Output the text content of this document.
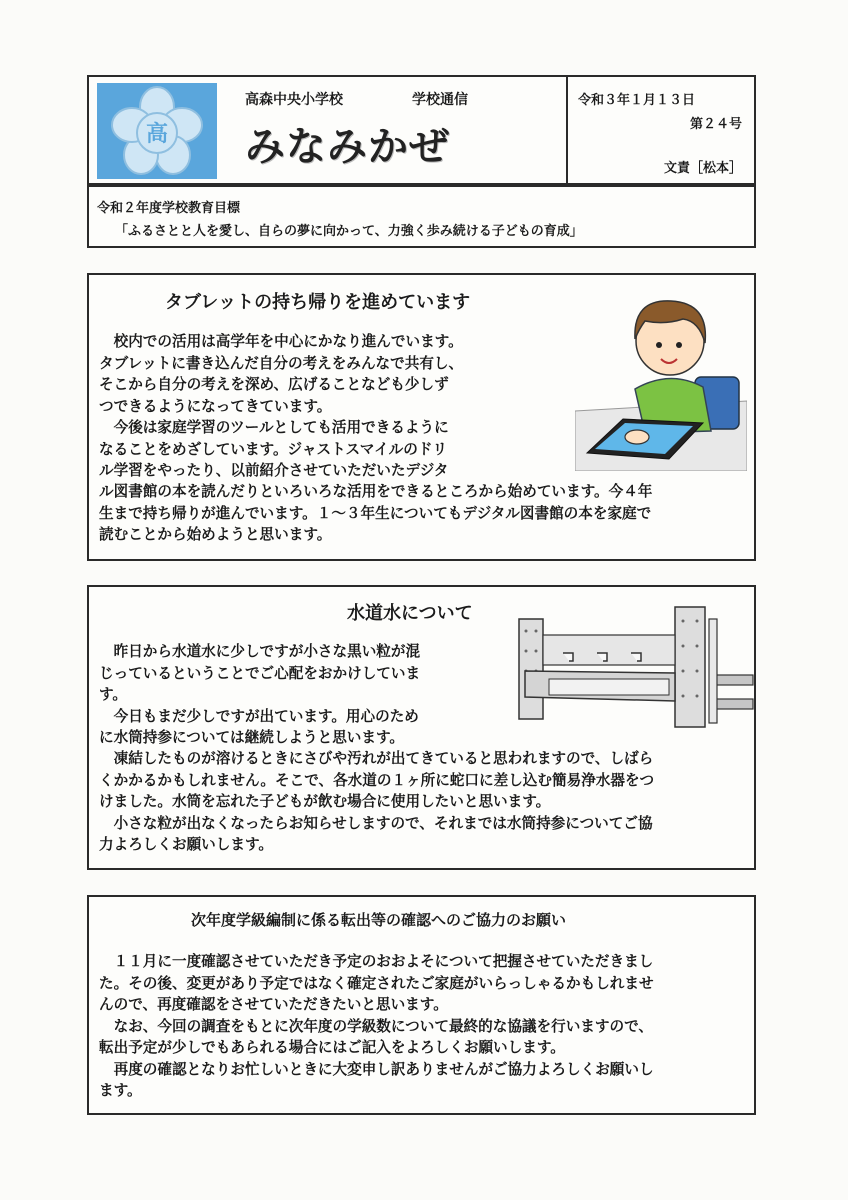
高
高森中央小学校	学校通信
みなみかぜ
令和３年１月１３日
第２４号
文責［松本］
令和２年度学校教育目標
「ふるさとと人を愛し、自らの夢に向かって、力強く歩み続ける子どもの育成」
タブレットの持ち帰りを進めています

校内での活用は高学年を中心にかなり進んでいます。

タブレットに書き込んだ自分の考えをみんなで共有し、

そこから自分の考えを深め、広げることなども少しず

つできるようになってきています。

今後は家庭学習のツールとしても活用できるように

なることをめざしています。ジャストスマイルのドリ

ル学習をやったり、以前紹介させていただいたデジタ

ル図書館の本を読んだりといろいろな活用をできるところから始めています。今４年

生まで持ち帰りが進んでいます。１～３年生についてもデジタル図書館の本を家庭で

読むことから始めようと思います。

水道水について

昨日から水道水に少しですが小さな黒い粒が混

じっているということでご心配をおかけしていま

す。

今日もまだ少しですが出ています。用心のため

に水筒持参については継続しようと思います。

凍結したものが溶けるときにさびや汚れが出てきていると思われますので、しばら

くかかるかもしれません。そこで、各水道の１ヶ所に蛇口に差し込む簡易浄水器をつ

けました。水筒を忘れた子どもが飲む場合に使用したいと思います。

小さな粒が出なくなったらお知らせしますので、それまでは水筒持参についてご協

力よろしくお願いします。

次年度学級編制に係る転出等の確認へのご協力のお願い

１１月に一度確認させていただき予定のおおよそについて把握させていただきまし

た。その後、変更があり予定ではなく確定されたご家庭がいらっしゃるかもしれませ

んので、再度確認をさせていただきたいと思います。

なお、今回の調査をもとに次年度の学級数について最終的な協議を行いますので、

転出予定が少しでもあられる場合にはご記入をよろしくお願いします。

再度の確認となりお忙しいときに大変申し訳ありませんがご協力よろしくお願いし

ます。
